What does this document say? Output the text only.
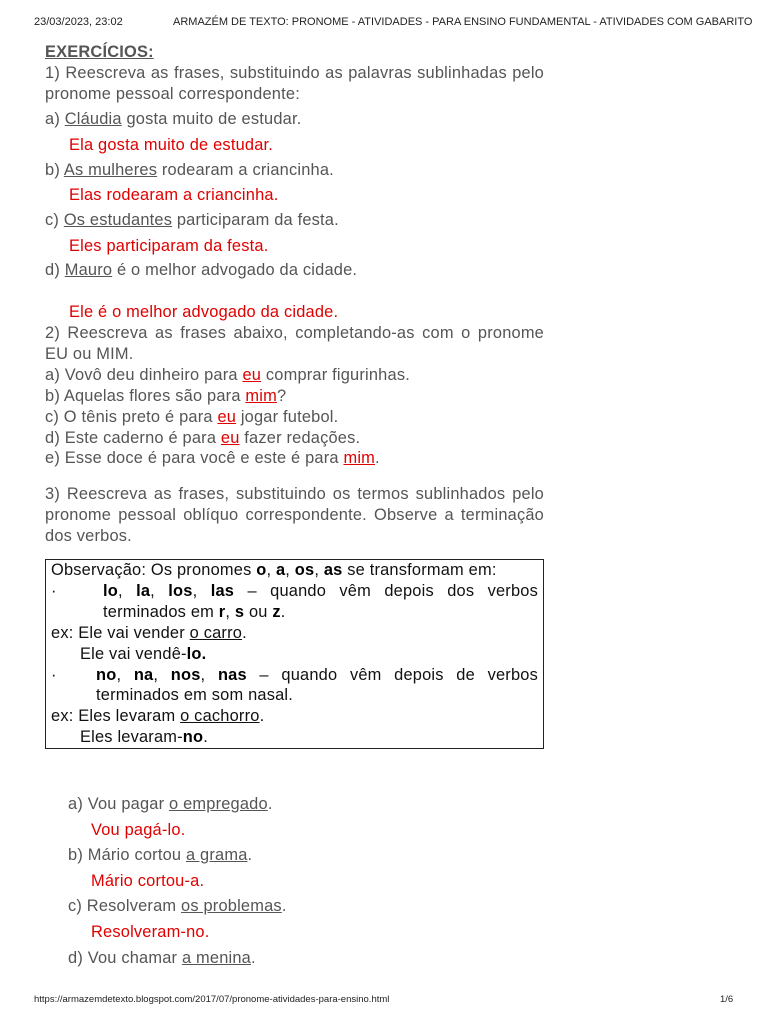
23/03/2023, 23:02	ARMAZÉM DE TEXTO: PRONOME - ATIVIDADES - PARA ENSINO FUNDAMENTAL - ATIVIDADES COM GABARITO

EXERCÍCIOS:

1) Reescreva as frases, substituindo as palavras sublinhadas pelo pronome pessoal correspondente:

a) Cláudia gosta muito de estudar.

Ela gosta muito de estudar.

b) As mulheres rodearam a criancinha.

Elas rodearam a criancinha.

c) Os estudantes participaram da festa.

Eles participaram da festa.

d) Mauro é o melhor advogado da cidade.

Ele é o melhor advogado da cidade.

2) Reescreva as frases abaixo, completando-as com o pronome EU ou MIM.

a) Vovô deu dinheiro para eu comprar figurinhas.

b) Aquelas flores são para mim?

c) O tênis preto é para eu jogar futebol.

d) Este caderno é para eu fazer redações.

e) Esse doce é para você e este é para mim.

3) Reescreva as frases, substituindo os termos sublinhados pelo pronome pessoal oblíquo correspondente. Observe a terminação dos verbos.

Observação: Os pronomes o, a, os, as se transformam em:

·	lo, la, los, las – quando vêm depois dos verbos terminados em r, s ou z.

ex: Ele vai vender o carro.

Ele vai vendê-lo.

·	no, na, nos, nas – quando vêm depois de verbos terminados em som nasal.

ex: Eles levaram o cachorro.

Eles levaram-no.

a) Vou pagar o empregado.

Vou pagá-lo.

b) Mário cortou a grama.

Mário cortou-a.

c) Resolveram os problemas.

Resolveram-no.

d) Vou chamar a menina.

https://armazemdetexto.blogspot.com/2017/07/pronome-atividades-para-ensino.html	1/6
